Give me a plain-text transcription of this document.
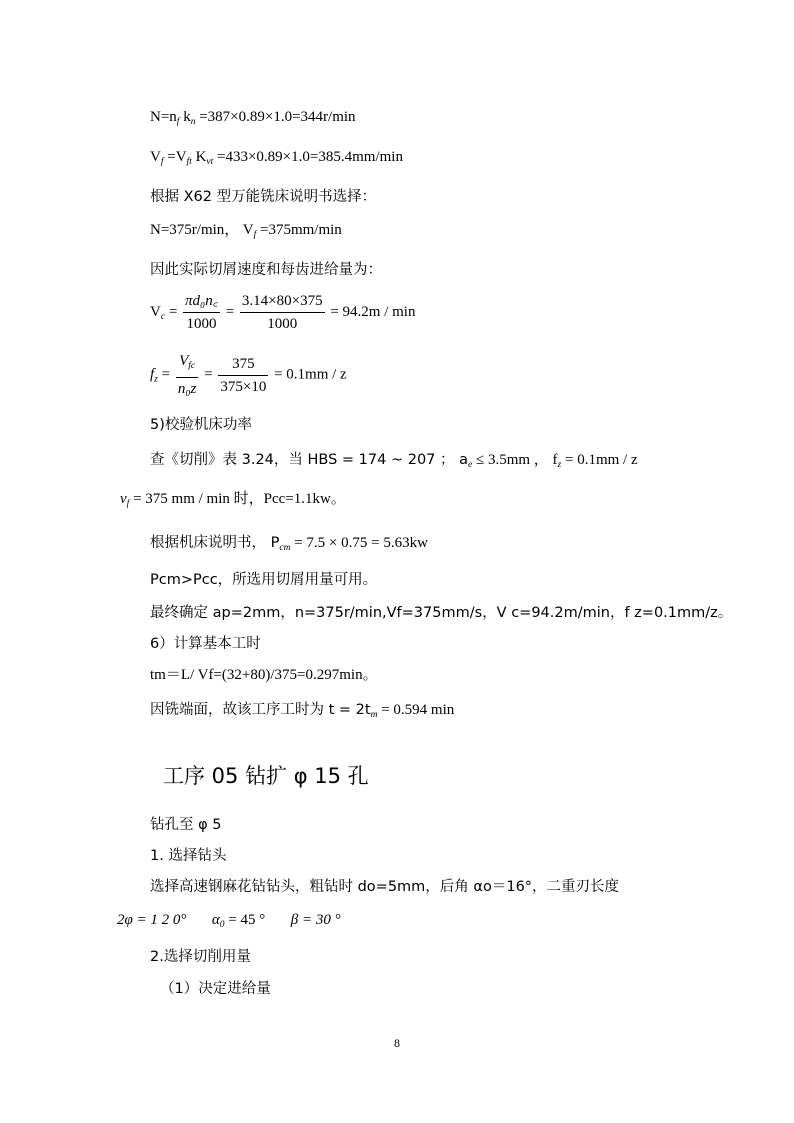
$N=n_f$ $k_n =387\times 0.89\times 1.0=344r/\min$
$V_f =V_{ft}$ $K_{vt} =433\times 0.89\times 1.0=385.4mm/\min$
根据 X62 型万能铣床说明书选择：
N=375r/min， $V_f =375mm/\min$
因此实际切屑速度和每齿进给量为：
$V_c = \frac{\text{πd₀n꜀}}{1000} = \frac{3.14\times 80\times 375}{1000} = 94.2m / \min$
$f_z = \frac{V_{fc}}{\text{n₀z}} = \frac{375}{375\times 10} = 0.1mm / z$
5)校验机床功率
查《切削》表 3.24，当 HBS = 174 ~ 207 ； $a_e \le 3.5mm$ ， $f_z = 0.1mm / z$
$v_f = 375$ mm / min 时，Pcc=1.1kw。
根据机床说明书， $P_{cm} = 7.5 \times 0.75 = 5.63kw$
Pcm>Pcc，所选用切屑用量可用。
最终确定 ap=2mm，n=375r/min,Vf=375mm/s，V c=94.2m/min，f z=0.1mm/z。
6）计算基本工时
tm＝L/ Vf=(32+80)/375=0.297min。
因铣端面，故该工序工时为 $t = 2t_m = 0.594$ min
工序 05 钻扩 φ 15 孔
钻孔至 φ 5
1. 选择钻头
选择高速钢麻花钻钻头，粗钻时 do=5mm，后角 αo＝16°，二重刃长度
2φ = 1 2 0° $\alpha_0 = 45$ ° β = 30 °
2.选择切削用量
（1）决定进给量
8
